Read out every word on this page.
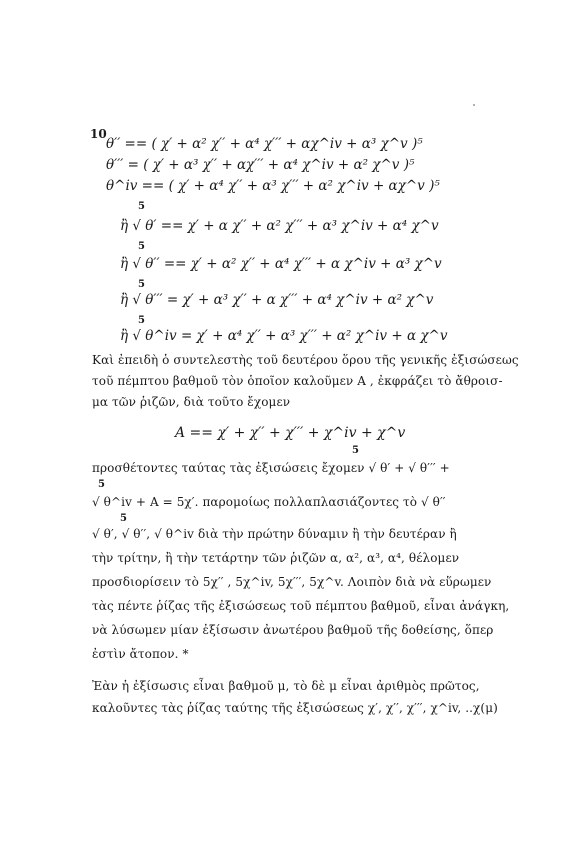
10
θ′′ == ( χ′ + α² χ′′ + α⁴ χ′′′ + αχ^iv + α³ χ^v )⁵
θ′′′ = ( χ′ + α³ χ′′ + αχ′′′ + α⁴ χ^iv + α² χ^v )⁵
θ^iv == ( χ′ + α⁴ χ′′ + α³ χ′′′ + α² χ^iv + αχ^v )⁵
5
ἢ √ θ′ == χ′ + α χ′′ + α² χ′′′ + α³ χ^iv + α⁴ χ^v
5
ἢ √ θ′′ == χ′ + α² χ′′ + α⁴ χ′′′ + α χ^iv + α³ χ^v
5
ἢ √ θ′′′ = χ′ + α³ χ′′ + α χ′′′ + α⁴ χ^iv + α² χ^v
5
ἢ √ θ^iv = χ′ + α⁴ χ′′ + α³ χ′′′ + α² χ^iv + α χ^v
Καὶ ἐπειδὴ ὁ συντελεστὴς τοῦ δευτέρου ὅρου τῆς γενικῆς ἐξισώσεως
τοῦ πέμπτου βαθμοῦ τὸν ὁποῖον καλοῦμεν A , ἐκφράζει τὸ ἄθροισ-
μα τῶν ῥιζῶν, διὰ τοῦτο ἔχομεν
A == χ′ + χ′′ + χ′′′ + χ^iv + χ^v
5
προσθέτοντες ταύτας τὰς ἐξισώσεις ἔχομεν √ θ′ + √ θ′′′ +
5
√ θ^iv + A = 5χ′. παρομοίως πολλαπλασιάζοντες τὸ √ θ′′
5
√ θ′, √ θ′′, √ θ^iv διὰ τὴν πρώτην δύναμιν ἢ τὴν δευτέραν ἢ
τὴν τρίτην, ἢ τὴν τετάρτην τῶν ῥιζῶν α, α², α³, α⁴, θέλομεν
προσδιορίσειν τὸ 5χ′′ , 5χ^iv, 5χ′′′, 5χ^v. Λοιπὸν διὰ νὰ εὕρωμεν
τὰς πέντε ῥίζας τῆς ἐξισώσεως τοῦ πέμπτου βαθμοῦ, εἶναι ἀνάγκη,
νὰ λύσωμεν μίαν ἐξίσωσιν ἀνωτέρου βαθμοῦ τῆς δοθείσης, ὅπερ
ἐστὶν ἄτοπον. *
Ἐὰν ἡ ἐξίσωσις εἶναι βαθμοῦ μ, τὸ δὲ μ εἶναι ἀριθμὸς πρῶτος,
καλοῦντες τὰς ῥίζας ταύτης τῆς ἐξισώσεως χ′, χ′′, χ′′′, χ^iv, ..χ(μ)
